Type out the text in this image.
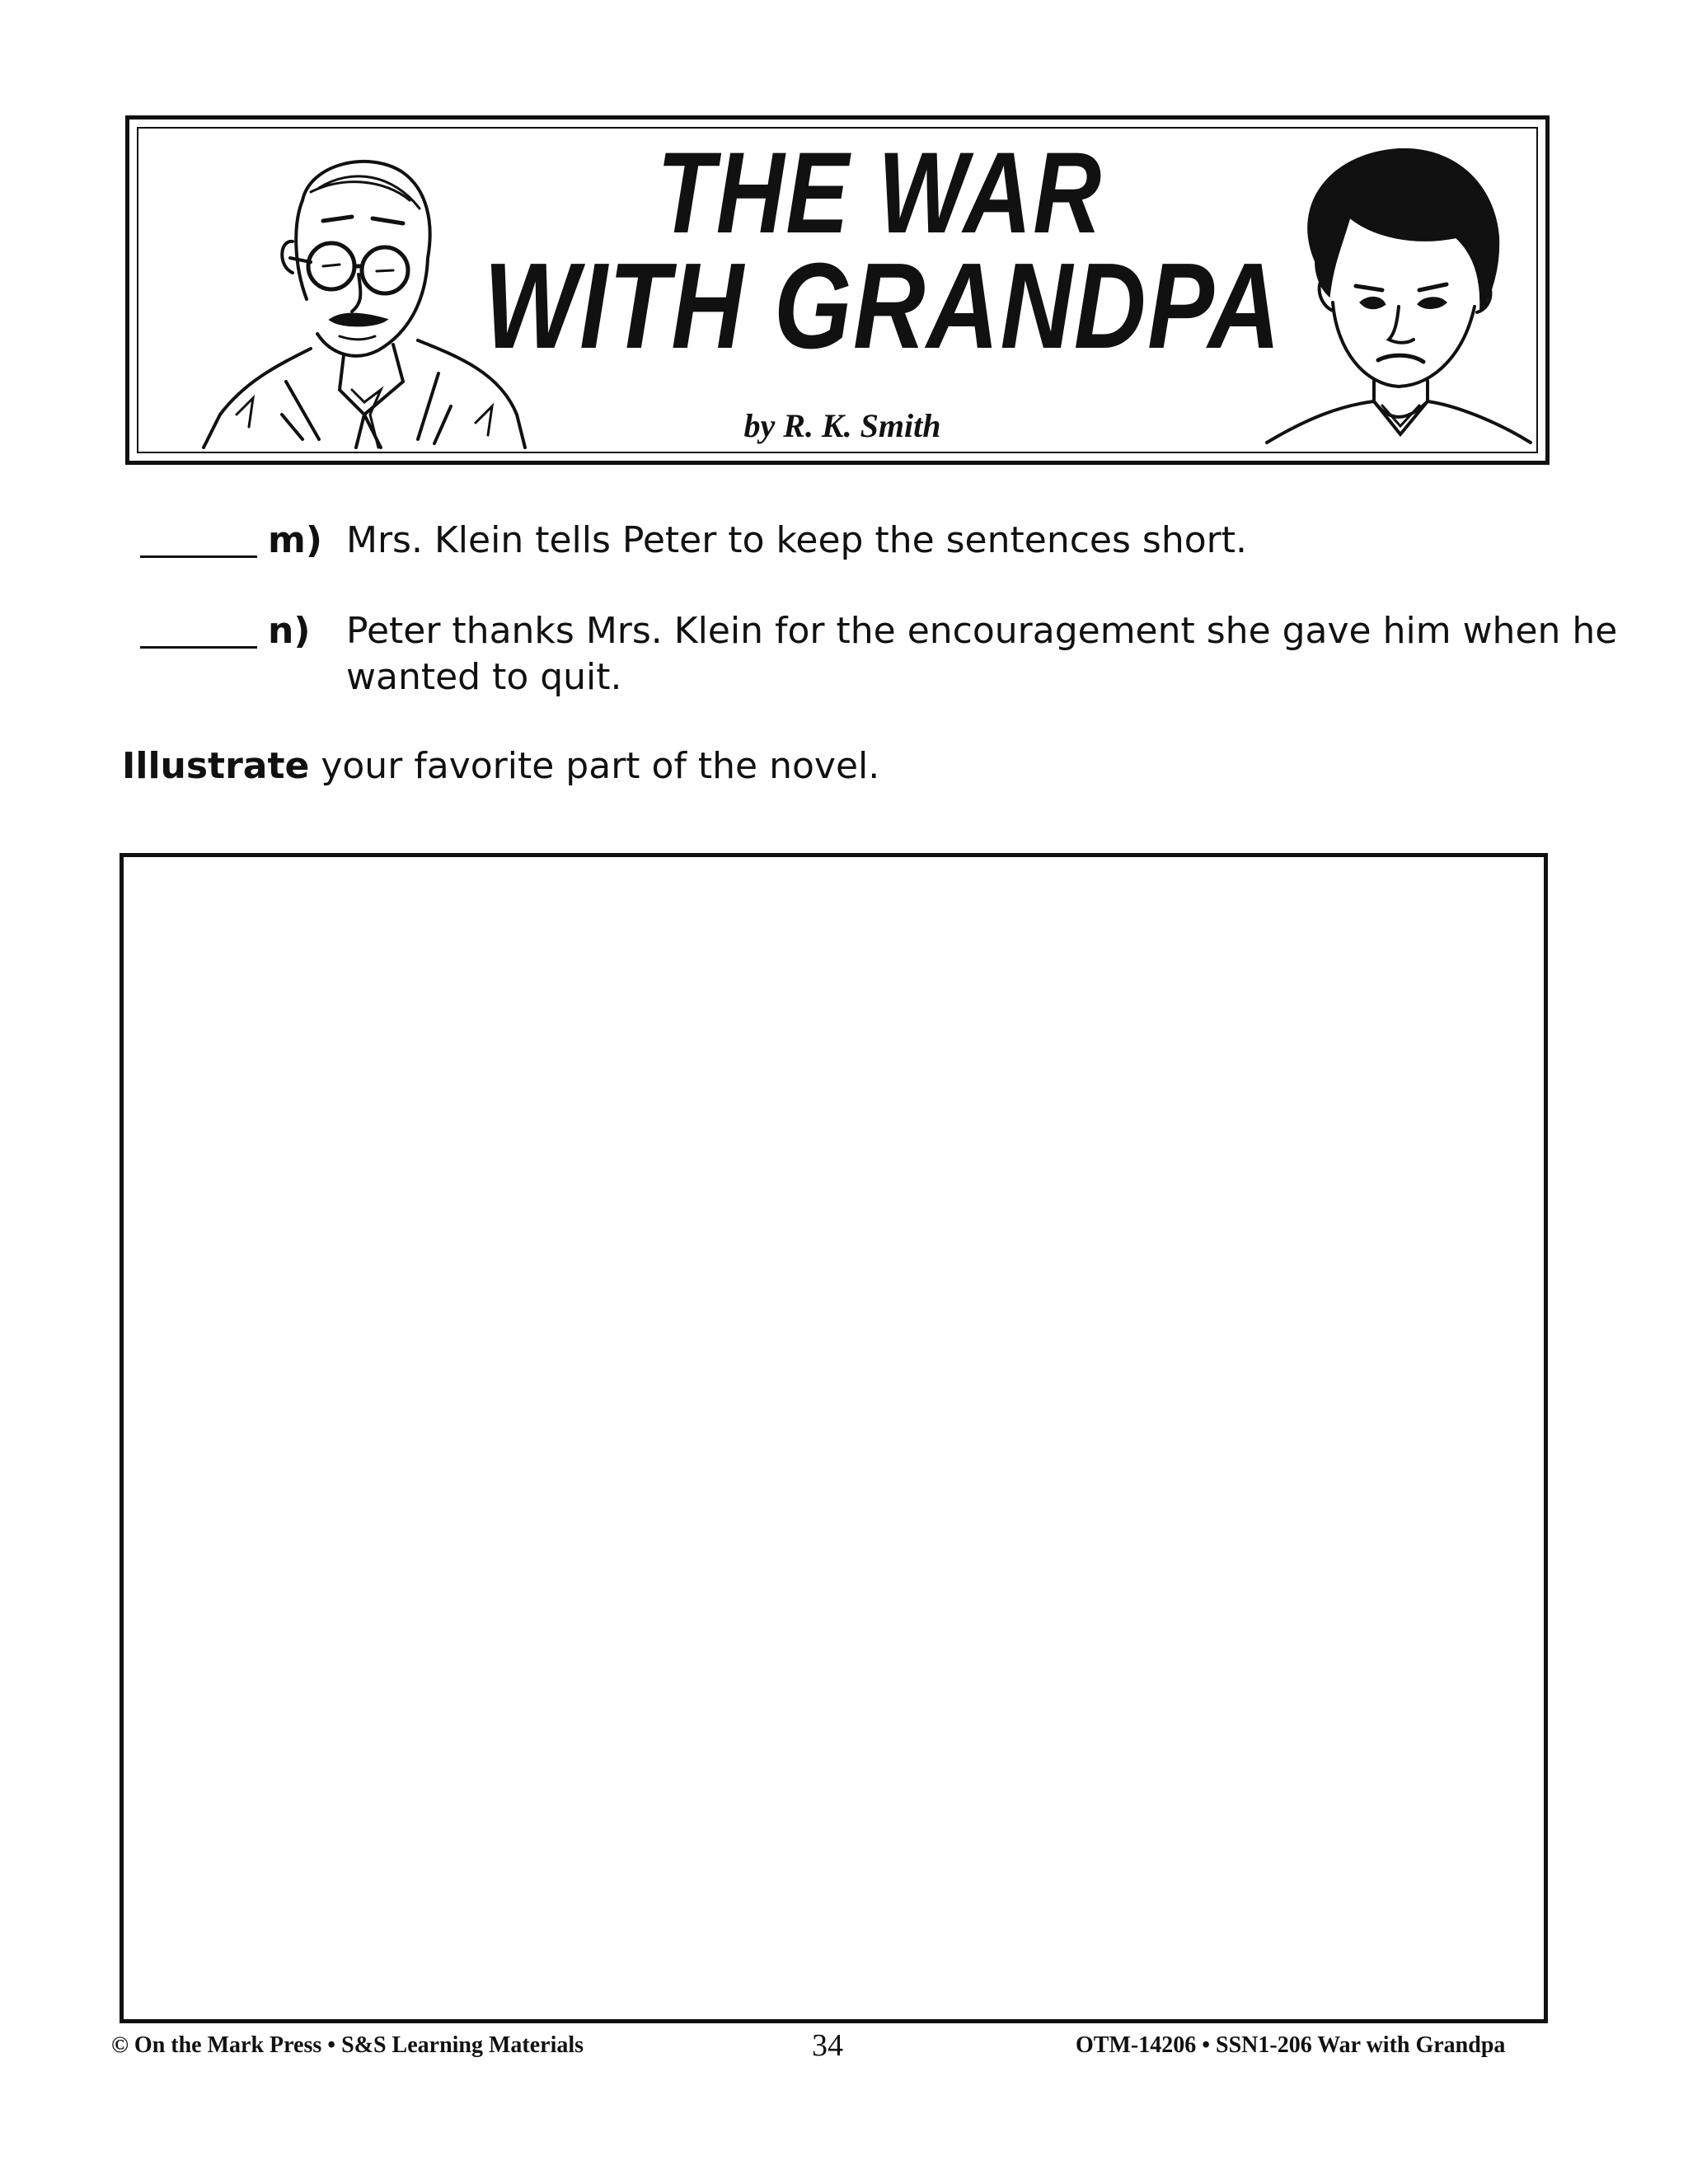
THE WAR

WITH GRANDPA

by R. K. Smith

m) Mrs. Klein tells Peter to keep the sentences short.
n) Peter thanks Mrs. Klein for the encouragement she gave him when he wanted to quit.

Illustrate your favorite part of the novel.

© On the Mark Press • S&S Learning Materials	34	OTM-14206 • SSN1-206 War with Grandpa
